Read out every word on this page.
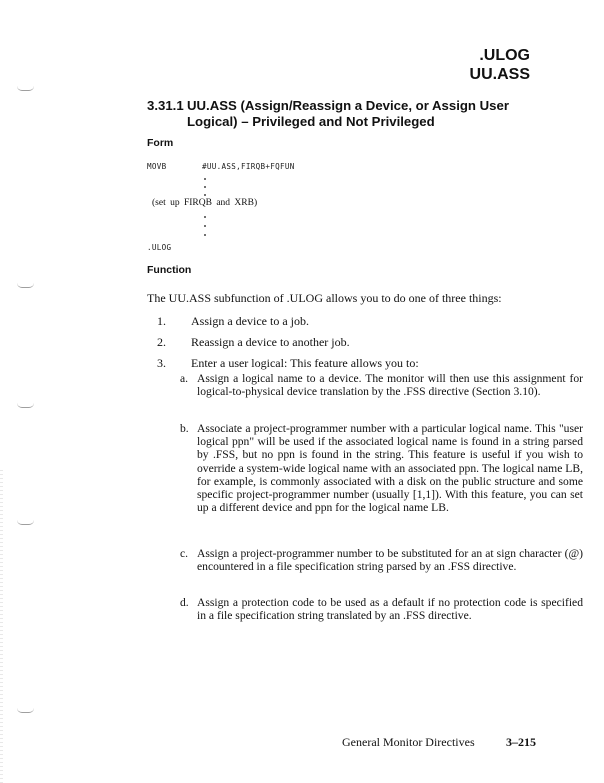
.ULOG
UU.ASS
3.31.1 UU.ASS (Assign/Reassign a Device, or Assign User
Logical) – Privileged and Not Privileged
Form
MOVB	#UU.ASS,FIRQB+FQFUN
(set up FIRQB and XRB)
.ULOG
Function
The UU.ASS subfunction of .ULOG allows you to do one of three things:
1. Assign a device to a job.
2. Reassign a device to another job.
3. Enter a user logical: This feature allows you to:
a. Assign a logical name to a device. The monitor will then use this assignment for logical-to-physical device translation by the .FSS directive (Section 3.10).
b. Associate a project-programmer number with a particular logical name. This "user logical ppn" will be used if the associated logical name is found in a string parsed by .FSS, but no ppn is found in the string. This feature is useful if you wish to override a system-wide logical name with an associated ppn. The logical name LB, for example, is commonly associated with a disk on the public structure and some specific project-programmer number (usually [1,1]). With this feature, you can set up a different device and ppn for the logical name LB.
c. Assign a project-programmer number to be substituted for an at sign character (@) encountered in a file specification string parsed by an .FSS directive.
d. Assign a protection code to be used as a default if no protection code is specified in a file specification string translated by an .FSS directive.
General Monitor Directives	3–215
